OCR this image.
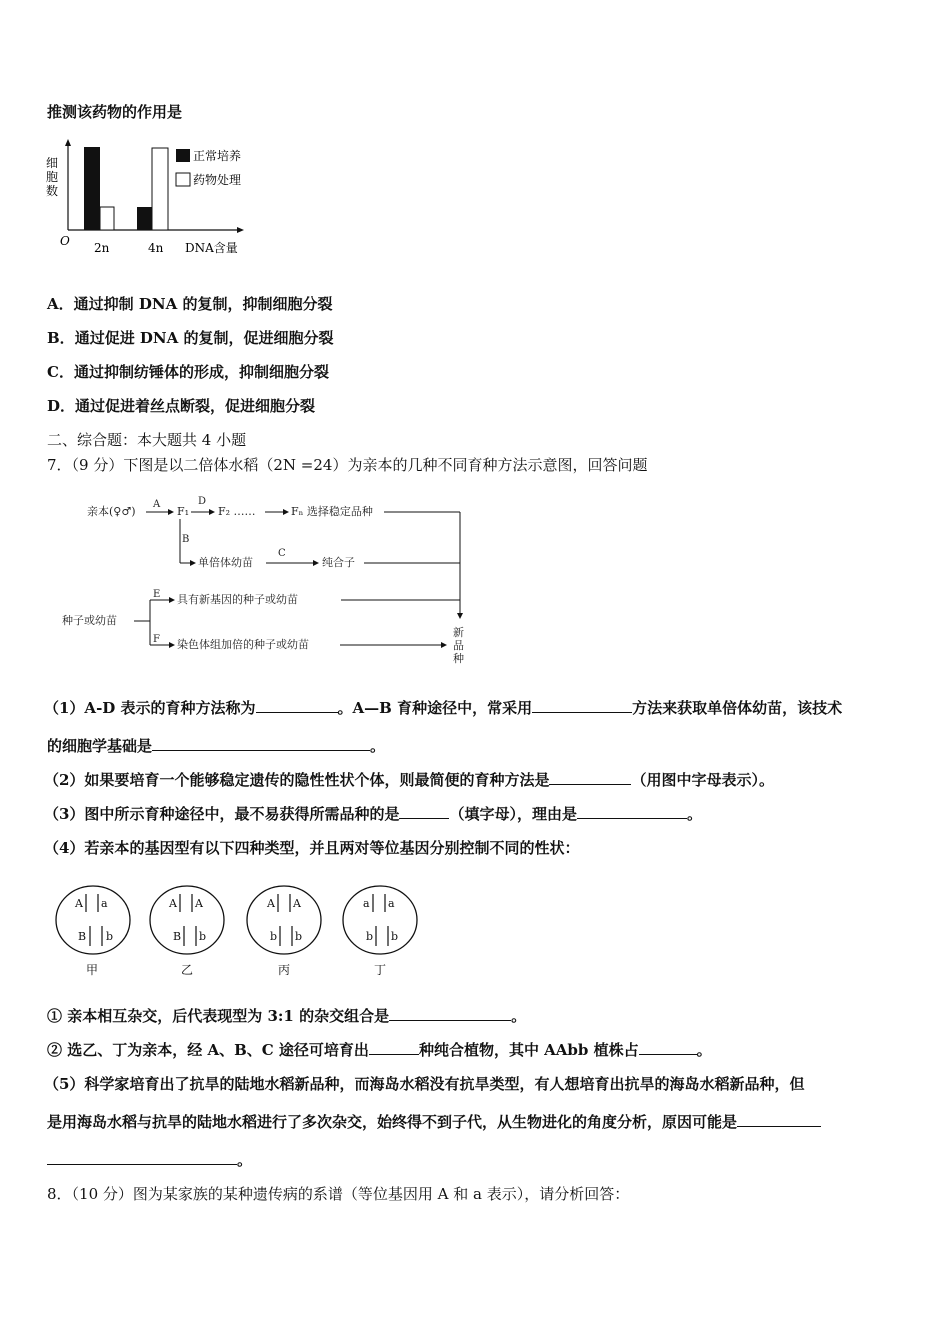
推测该药物的作用是
细
胞
数
正常培养
药物处理
O 2n	4n DNA含量
A．通过抑制 DNA 的复制，抑制细胞分裂
B．通过促进 DNA 的复制，促进细胞分裂
C．通过抑制纺锤体的形成，抑制细胞分裂
D．通过促进着丝点断裂，促进细胞分裂
二、综合题：本大题共 4 小题
7．（9 分）下图是以二倍体水稻（2N =24）为亲本的几种不同育种方法示意图，回答问题
亲本(♀♂)
A
F₁
D
F₂ ……	Fₙ 选择稳定品种
B
单倍体幼苗
C
纯合子
种子或幼苗
E 具有新基因的种子或幼苗
F 染色体组加倍的种子或幼苗
新
品
种
（1）A-D 表示的育种方法称为	。A—B 育种途径中，常采用	方法来获取单倍体幼苗，该技术
的细胞学基础是	。
（2）如果要培育一个能够稳定遗传的隐性性状个体，则最简便的育种方法是	（用图中字母表示）。
（3）图中所示育种途径中，最不易获得所需品种的是	（填字母），理由是	。
（4）若亲本的基因型有以下四种类型，并且两对等位基因分别控制不同的性状：
A a
B b
甲
A A
B b
乙
A A
b b
丙
a a
b b
丁
① 亲本相互杂交，后代表现型为 3:1 的杂交组合是	。
② 选乙、丁为亲本，经 A、B、C 途径可培育出	种纯合植物，其中 AAbb 植株占	。
（5）科学家培育出了抗旱的陆地水稻新品种，而海岛水稻没有抗旱类型，有人想培育出抗旱的海岛水稻新品种，但
是用海岛水稻与抗旱的陆地水稻进行了多次杂交，始终得不到子代，从生物进化的角度分析，原因可能是
。
8．（10 分）图为某家族的某种遗传病的系谱（等位基因用 A 和 a 表示），请分析回答：
